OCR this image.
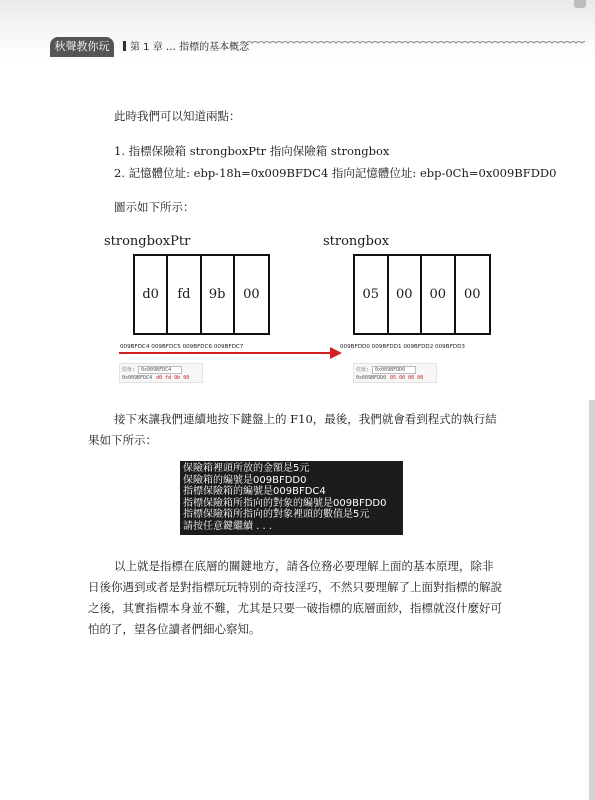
秋聲教你玩	第 1 章 … 指標的基本概念
此時我們可以知道兩點：
1. 指標保險箱 strongboxPtr 指向保險箱 strongbox
2. 記憶體位址: ebp-18h=0x009BFDC4 指向記憶體位址: ebp-0Ch=0x009BFDD0
圖示如下所示：
strongboxPtr	strongbox
d0	fd	9b	00	05	00	00	00
009BFDC4 009BFDC5 009BFDC6 009BFDC7	009BFDD0 009BFDD1 009BFDD2 009BFDD3
位址: 0x009BFDC4
0x009BFDC4 d0 fd 9b 00
位址: 0x009BFDD0
0x009BFDD0 05 00 00 00
接下來讓我們連續地按下鍵盤上的 F10，最後，我們就會看到程式的執行結果如下所示：
保險箱裡頭所放的金額是5元
保險箱的編號是009BFDD0
指標保險箱的編號是009BFDC4
指標保險箱所指向的對象的編號是009BFDD0
指標保險箱所指向的對象裡頭的數值是5元
請按任意鍵繼續 . . .
以上就是指標在底層的關鍵地方，請各位務必要理解上面的基本原理，除非日後你遇到或者是對指標玩玩特別的奇技淫巧，不然只要理解了上面對指標的解說之後，其實指標本身並不難，尤其是只要一破指標的底層面紗，指標就沒什麼好可怕的了，望各位讀者們細心察知。
